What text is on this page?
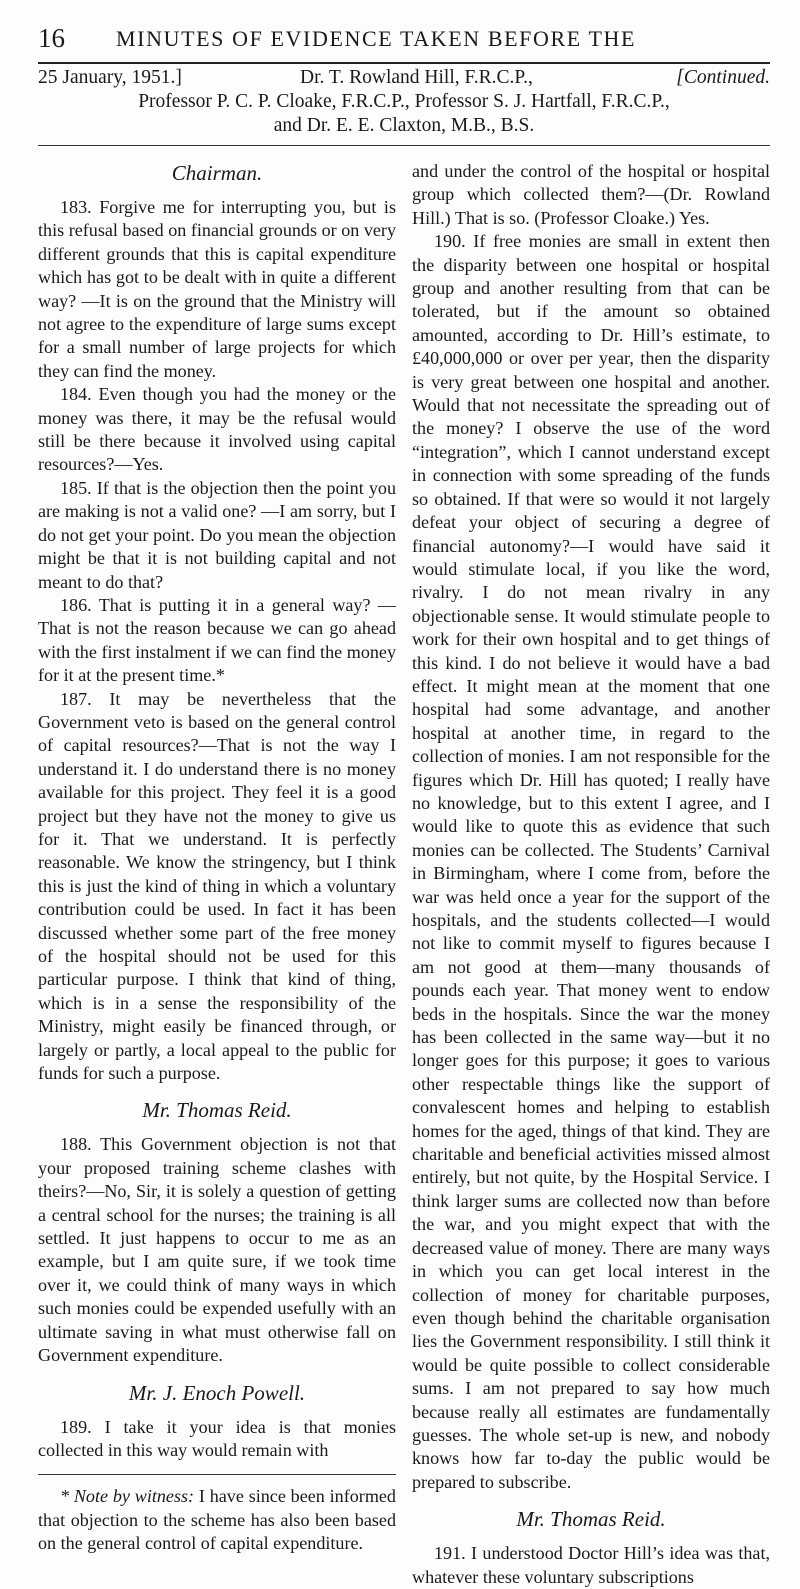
16 MINUTES OF EVIDENCE TAKEN BEFORE THE
25 January, 1951.]	Dr. T. Rowland Hill, F.R.C.P.,	[Continued.
Professor P. C. P. Cloake, F.R.C.P., Professor S. J. Hartfall, F.R.C.P.,
and Dr. E. E. Claxton, M.B., B.S.
Chairman.

183. Forgive me for interrupting you, but is this refusal based on financial grounds or on very different grounds that this is capital expenditure which has got to be dealt with in quite a different way? —It is on the ground that the Ministry will not agree to the expenditure of large sums except for a small number of large projects for which they can find the money.

184. Even though you had the money or the money was there, it may be the refusal would still be there because it involved using capital resources?—Yes.

185. If that is the objection then the point you are making is not a valid one? —I am sorry, but I do not get your point. Do you mean the objection might be that it is not building capital and not meant to do that?

186. That is putting it in a general way? —That is not the reason because we can go ahead with the first instalment if we can find the money for it at the present time.*

187. It may be nevertheless that the Government veto is based on the general control of capital resources?—That is not the way I understand it. I do understand there is no money available for this project. They feel it is a good project but they have not the money to give us for it. That we understand. It is perfectly reasonable. We know the stringency, but I think this is just the kind of thing in which a voluntary contribution could be used. In fact it has been discussed whether some part of the free money of the hospital should not be used for this particular purpose. I think that kind of thing, which is in a sense the responsibility of the Ministry, might easily be financed through, or largely or partly, a local appeal to the public for funds for such a purpose.

Mr. Thomas Reid.

188. This Government objection is not that your proposed training scheme clashes with theirs?—No, Sir, it is solely a question of getting a central school for the nurses; the training is all settled. It just happens to occur to me as an example, but I am quite sure, if we took time over it, we could think of many ways in which such monies could be expended usefully with an ultimate saving in what must otherwise fall on Government expenditure.

Mr. J. Enoch Powell.

189. I take it your idea is that monies collected in this way would remain with

* Note by witness: I have since been informed that objection to the scheme has also been based on the general control of capital expenditure.

and under the control of the hospital or hospital group which collected them?—(Dr. Rowland Hill.) That is so. (Professor Cloake.) Yes.

190. If free monies are small in extent then the disparity between one hospital or hospital group and another resulting from that can be tolerated, but if the amount so obtained amounted, according to Dr. Hill’s estimate, to £40,000,000 or over per year, then the disparity is very great between one hospital and another. Would that not necessitate the spreading out of the money? I observe the use of the word “integration”, which I cannot understand except in connection with some spreading of the funds so obtained. If that were so would it not largely defeat your object of securing a degree of financial autonomy?—I would have said it would stimulate local, if you like the word, rivalry. I do not mean rivalry in any objectionable sense. It would stimulate people to work for their own hospital and to get things of this kind. I do not believe it would have a bad effect. It might mean at the moment that one hospital had some advantage, and another hospital at another time, in regard to the collection of monies. I am not responsible for the figures which Dr. Hill has quoted; I really have no knowledge, but to this extent I agree, and I would like to quote this as evidence that such monies can be collected. The Students’ Carnival in Birmingham, where I come from, before the war was held once a year for the support of the hospitals, and the students collected—I would not like to commit myself to figures because I am not good at them—many thousands of pounds each year. That money went to endow beds in the hospitals. Since the war the money has been collected in the same way—but it no longer goes for this purpose; it goes to various other respectable things like the support of convalescent homes and helping to establish homes for the aged, things of that kind. They are charitable and beneficial activities missed almost entirely, but not quite, by the Hospital Service. I think larger sums are collected now than before the war, and you might expect that with the decreased value of money. There are many ways in which you can get local interest in the collection of money for charitable purposes, even though behind the charitable organisation lies the Government responsibility. I still think it would be quite possible to collect considerable sums. I am not prepared to say how much because really all estimates are fundamentally guesses. The whole set-up is new, and nobody knows how far to-day the public would be prepared to subscribe.

Mr. Thomas Reid.

191. I understood Doctor Hill’s idea was that, whatever these voluntary subscriptions
